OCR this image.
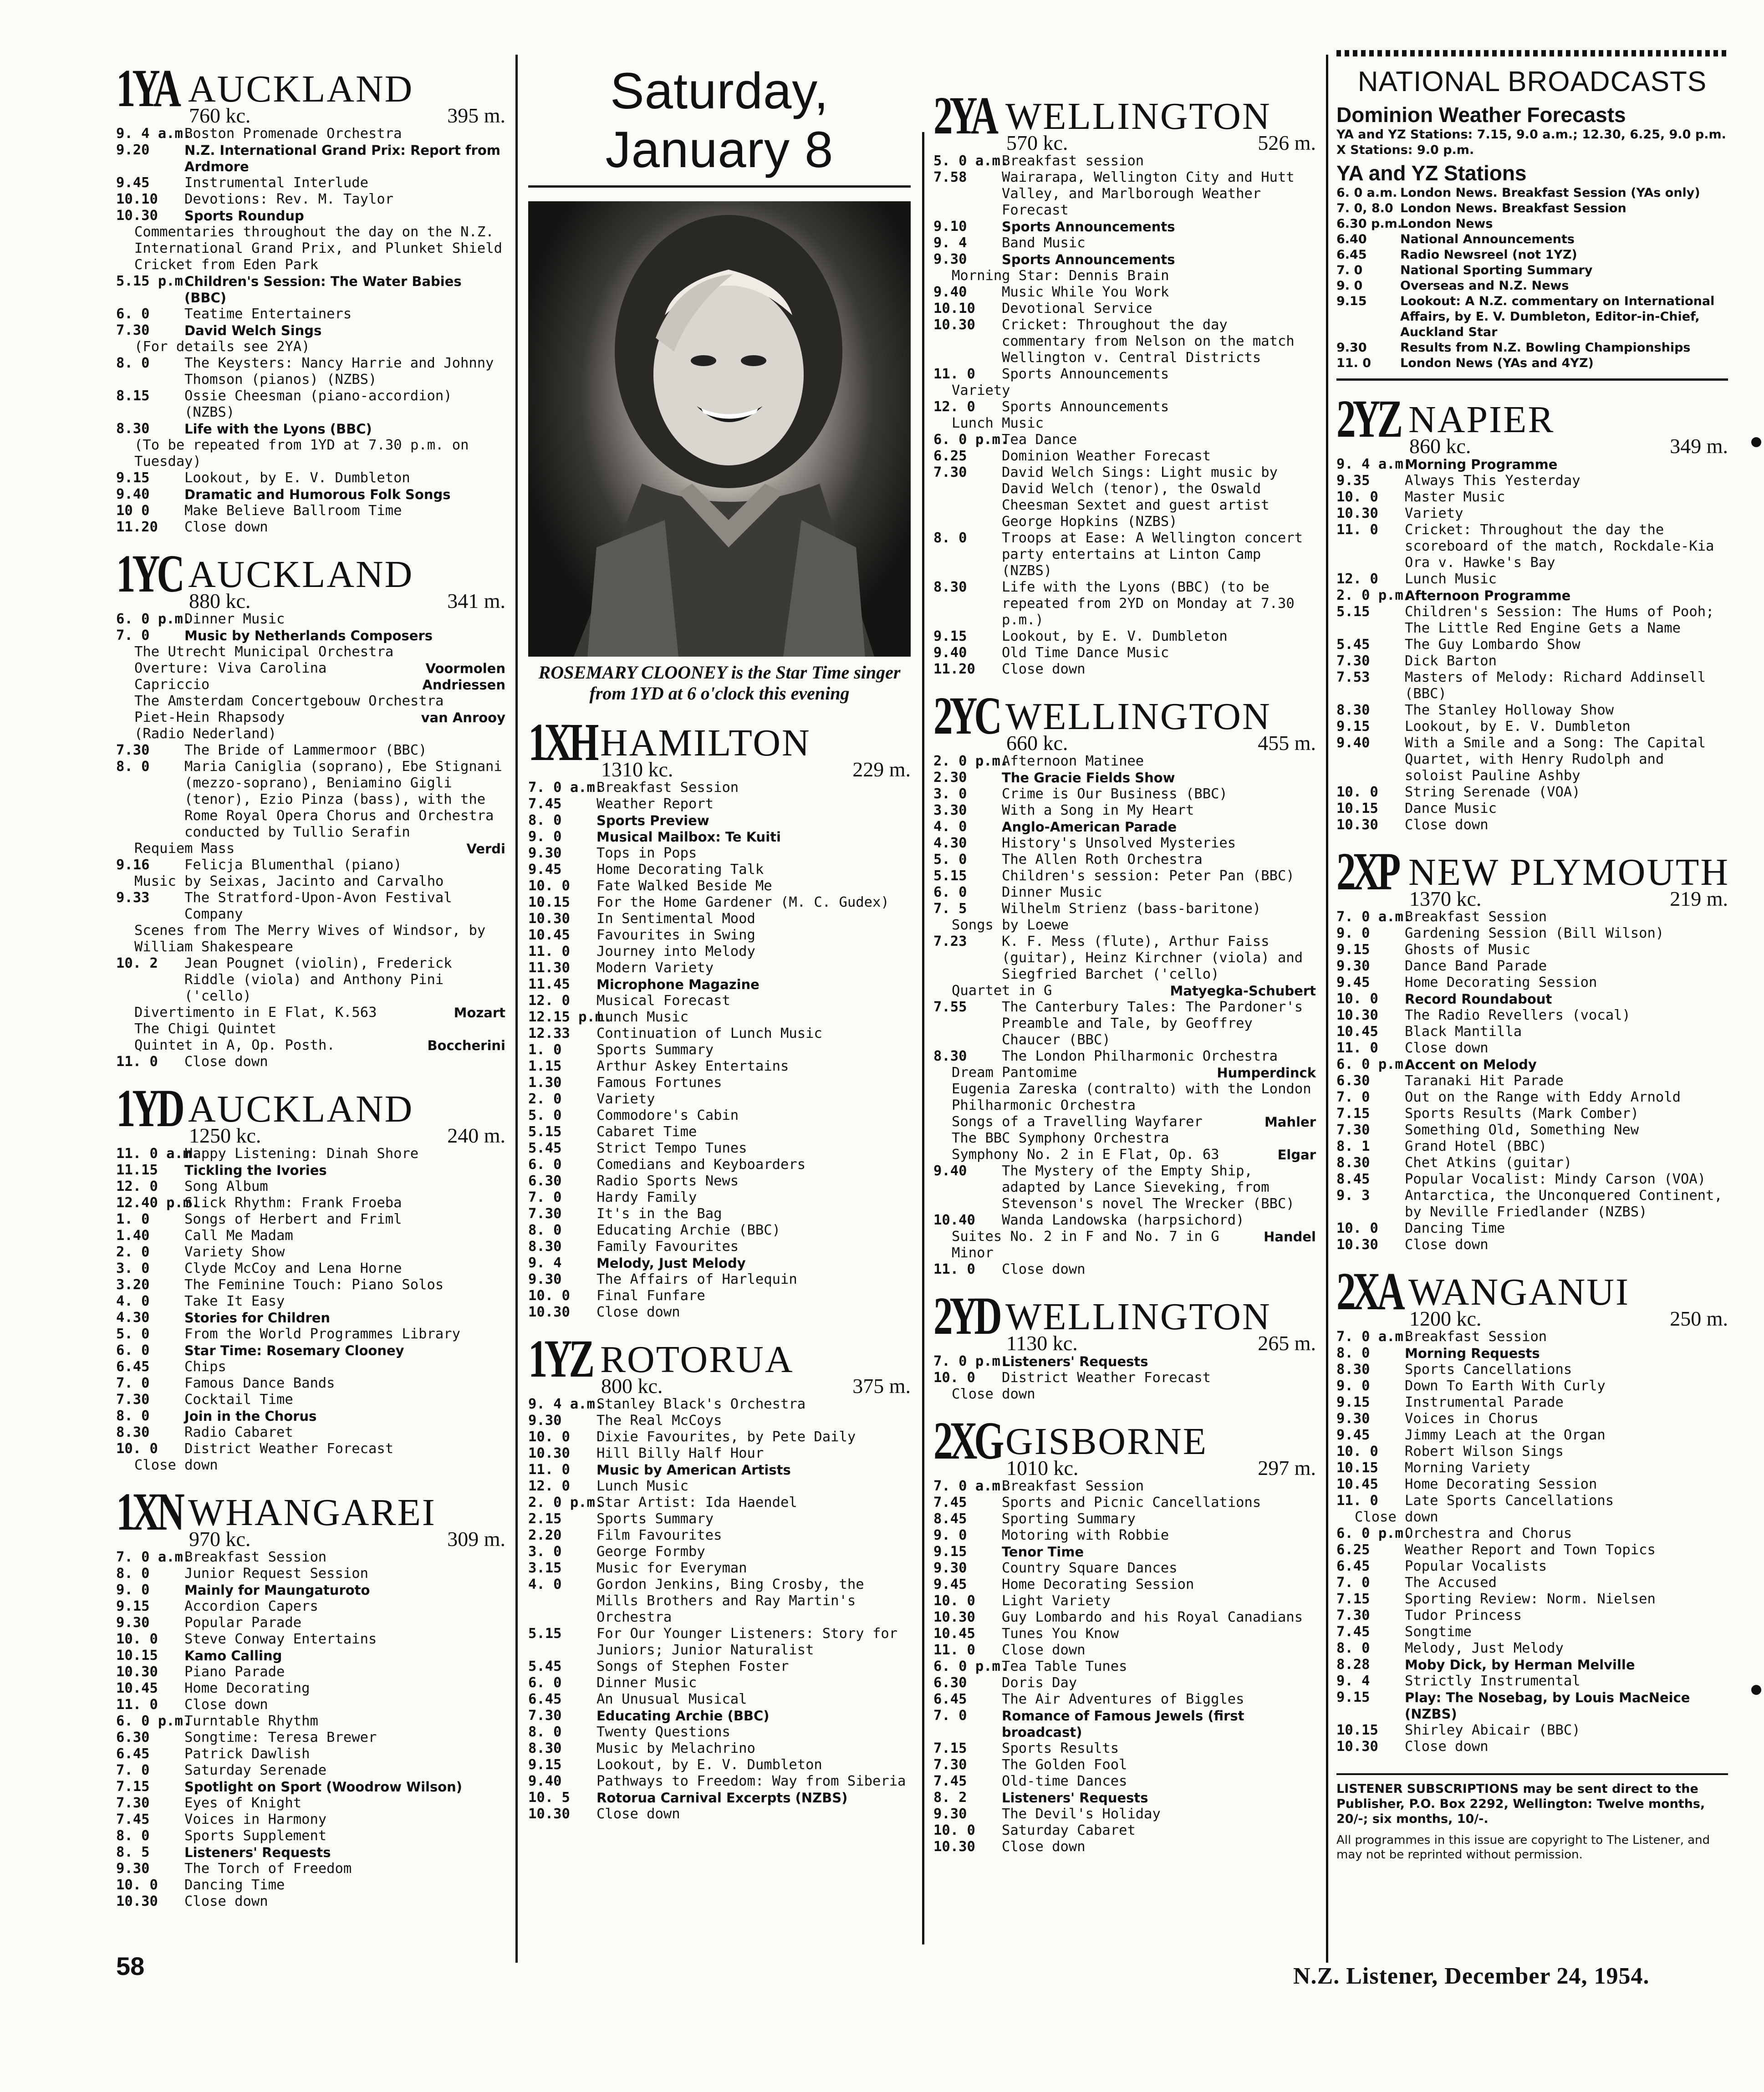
1YA AUCKLAND
760 kc.	395 m.
9. 4 a.m.
Boston Promenade Orchestra
9.20	N.Z. International Grand Prix: Report from Ardmore
9.45	Instrumental Interlude
10.10	Devotions: Rev. M. Taylor
10.30	Sports Roundup
Commentaries throughout the day on the N.Z. International Grand Prix, and Plunket Shield Cricket from Eden Park
5.15 p.m.
Children's Session: The Water Babies (BBC)
6. 0	Teatime Entertainers
7.30	David Welch Sings
(For details see 2YA)
8. 0	The Keysters: Nancy Harrie and Johnny Thomson (pianos) (NZBS)
8.15	Ossie Cheesman (piano-accordion) (NZBS)
8.30	Life with the Lyons (BBC)
(To be repeated from 1YD at 7.30 p.m. on Tuesday)
9.15	Lookout, by E. V. Dumbleton
9.40	Dramatic and Humorous Folk Songs
10 0	Make Believe Ballroom Time
11.20	Close down
1YC AUCKLAND
880 kc.	341 m.
6. 0 p.m.
Dinner Music
7. 0	Music by Netherlands Composers
The Utrecht Municipal Orchestra
Overture: Viva Carolina	Voormolen
Capriccio	Andriessen
The Amsterdam Concertgebouw Orchestra
Piet-Hein Rhapsody	van Anrooy
(Radio Nederland)
7.30	The Bride of Lammermoor (BBC)
8. 0	Maria Caniglia (soprano), Ebe Stignani (mezzo-soprano), Beniamino Gigli (tenor), Ezio Pinza (bass), with the Rome Royal Opera Chorus and Orchestra conducted by Tullio Serafin
Requiem Mass	Verdi
9.16	Felicja Blumenthal (piano)
Music by Seixas, Jacinto and Carvalho
9.33	The Stratford-Upon-Avon Festival Company
Scenes from The Merry Wives of Windsor, by William Shakespeare
10. 2	Jean Pougnet (violin), Frederick Riddle (viola) and Anthony Pini ('cello)
Divertimento in E Flat, K.563	Mozart
The Chigi Quintet
Quintet in A, Op. Posth.	Boccherini
11. 0	Close down
1YD AUCKLAND
1250 kc.	240 m.
11. 0 a.m.
Happy Listening: Dinah Shore
11.15	Tickling the Ivories
12. 0	Song Album
12.40 p.m.
Slick Rhythm: Frank Froeba
1. 0	Songs of Herbert and Friml
1.40	Call Me Madam
2. 0	Variety Show
3. 0	Clyde McCoy and Lena Horne
3.20	The Feminine Touch: Piano Solos
4. 0	Take It Easy
4.30	Stories for Children
5. 0	From the World Programmes Library
6. 0	Star Time: Rosemary Clooney
6.45	Chips
7. 0	Famous Dance Bands
7.30	Cocktail Time
8. 0	Join in the Chorus
8.30	Radio Cabaret
10. 0	District Weather Forecast
Close down
1XN WHANGAREI
970 kc.	309 m.
7. 0 a.m.
Breakfast Session
8. 0	Junior Request Session
9. 0	Mainly for Maungaturoto
9.15	Accordion Capers
9.30	Popular Parade
10. 0	Steve Conway Entertains
10.15	Kamo Calling
10.30	Piano Parade
10.45	Home Decorating
11. 0	Close down
6. 0 p.m.
Turntable Rhythm
6.30	Songtime: Teresa Brewer
6.45	Patrick Dawlish
7. 0	Saturday Serenade
7.15	Spotlight on Sport (Woodrow Wilson)
7.30	Eyes of Knight
7.45	Voices in Harmony
8. 0	Sports Supplement
8. 5	Listeners' Requests
9.30	The Torch of Freedom
10. 0	Dancing Time
10.30	Close down
Saturday, January 8
ROSEMARY CLOONEY is the Star Time singer from 1YD at 6 o'clock this evening
1XH HAMILTON
1310 kc.	229 m.
7. 0 a.m.
Breakfast Session
7.45	Weather Report
8. 0	Sports Preview
9. 0	Musical Mailbox: Te Kuiti
9.30	Tops in Pops
9.45	Home Decorating Talk
10. 0	Fate Walked Beside Me
10.15	For the Home Gardener (M. C. Gudex)
10.30	In Sentimental Mood
10.45	Favourites in Swing
11. 0	Journey into Melody
11.30	Modern Variety
11.45	Microphone Magazine
12. 0	Musical Forecast
12.15 p.m.
Lunch Music
12.33	Continuation of Lunch Music
1. 0	Sports Summary
1.15	Arthur Askey Entertains
1.30	Famous Fortunes
2. 0	Variety
5. 0	Commodore's Cabin
5.15	Cabaret Time
5.45	Strict Tempo Tunes
6. 0	Comedians and Keyboarders
6.30	Radio Sports News
7. 0	Hardy Family
7.30	It's in the Bag
8. 0	Educating Archie (BBC)
8.30	Family Favourites
9. 4	Melody, Just Melody
9.30	The Affairs of Harlequin
10. 0	Final Funfare
10.30	Close down
1YZ ROTORUA
800 kc.	375 m.
9. 4 a.m.
Stanley Black's Orchestra
9.30	The Real McCoys
10. 0	Dixie Favourites, by Pete Daily
10.30	Hill Billy Half Hour
11. 0	Music by American Artists
12. 0	Lunch Music
2. 0 p.m.
Star Artist: Ida Haendel
2.15	Sports Summary
2.20	Film Favourites
3. 0	George Formby
3.15	Music for Everyman
4. 0	Gordon Jenkins, Bing Crosby, the Mills Brothers and Ray Martin's Orchestra
5.15	For Our Younger Listeners: Story for Juniors; Junior Naturalist
5.45	Songs of Stephen Foster
6. 0	Dinner Music
6.45	An Unusual Musical
7.30	Educating Archie (BBC)
8. 0	Twenty Questions
8.30	Music by Melachrino
9.15	Lookout, by E. V. Dumbleton
9.40	Pathways to Freedom: Way from Siberia
10. 5	Rotorua Carnival Excerpts (NZBS)
10.30	Close down
2YA WELLINGTON
570 kc.	526 m.
5. 0 a.m.
Breakfast session
7.58	Wairarapa, Wellington City and Hutt Valley, and Marlborough Weather Forecast
9.10	Sports Announcements
9. 4	Band Music
9.30	Sports Announcements
Morning Star: Dennis Brain
9.40	Music While You Work
10.10	Devotional Service
10.30	Cricket: Throughout the day commentary from Nelson on the match Wellington v. Central Districts
11. 0	Sports Announcements
Variety
12. 0	Sports Announcements
Lunch Music
6. 0 p.m.
Tea Dance
6.25	Dominion Weather Forecast
7.30	David Welch Sings: Light music by David Welch (tenor), the Oswald Cheesman Sextet and guest artist George Hopkins (NZBS)
8. 0	Troops at Ease: A Wellington concert party entertains at Linton Camp (NZBS)
8.30	Life with the Lyons (BBC) (to be repeated from 2YD on Monday at 7.30 p.m.)
9.15	Lookout, by E. V. Dumbleton
9.40	Old Time Dance Music
11.20	Close down
2YC WELLINGTON
660 kc.	455 m.
2. 0 p.m.
Afternoon Matinee
2.30	The Gracie Fields Show
3. 0	Crime is Our Business (BBC)
3.30	With a Song in My Heart
4. 0	Anglo-American Parade
4.30	History's Unsolved Mysteries
5. 0	The Allen Roth Orchestra
5.15	Children's session: Peter Pan (BBC)
6. 0	Dinner Music
7. 5	Wilhelm Strienz (bass-baritone)
Songs by Loewe
7.23	K. F. Mess (flute), Arthur Faiss (guitar), Heinz Kirchner (viola) and Siegfried Barchet ('cello)
Quartet in G	Matyegka-Schubert
7.55	The Canterbury Tales: The Pardoner's Preamble and Tale, by Geoffrey Chaucer (BBC)
8.30	The London Philharmonic Orchestra
Dream Pantomime	Humperdinck
Eugenia Zareska (contralto) with the London Philharmonic Orchestra
Songs of a Travelling Wayfarer	Mahler
The BBC Symphony Orchestra
Symphony No. 2 in E Flat, Op. 63	Elgar
9.40	The Mystery of the Empty Ship, adapted by Lance Sieveking, from Stevenson's novel The Wrecker (BBC)
10.40	Wanda Landowska (harpsichord)
Suites No. 2 in F and No. 7 in G Minor
Handel
11. 0	Close down
2YD WELLINGTON
1130 kc.	265 m.
7. 0 p.m.
Listeners' Requests
10. 0	District Weather Forecast
Close down
2XG GISBORNE
1010 kc.	297 m.
7. 0 a.m.
Breakfast Session
7.45	Sports and Picnic Cancellations
8.45	Sporting Summary
9. 0	Motoring with Robbie
9.15	Tenor Time
9.30	Country Square Dances
9.45	Home Decorating Session
10. 0	Light Variety
10.30	Guy Lombardo and his Royal Canadians
10.45	Tunes You Know
11. 0	Close down
6. 0 p.m.
Tea Table Tunes
6.30	Doris Day
6.45	The Air Adventures of Biggles
7. 0	Romance of Famous Jewels (first broadcast)
7.15	Sports Results
7.30	The Golden Fool
7.45	Old-time Dances
8. 2	Listeners' Requests
9.30	The Devil's Holiday
10. 0	Saturday Cabaret
10.30	Close down
NATIONAL BROADCASTS
Dominion Weather Forecasts
YA and YZ Stations: 7.15, 9.0 a.m.; 12.30, 6.25, 9.0 p.m.
X Stations: 9.0 p.m.
YA and YZ Stations
6. 0 a.m. London News. Breakfast Session (YAs only)
7. 0, 8.0 London News. Breakfast Session
6.30 p.m.
London News
6.40	National Announcements
6.45	Radio Newsreel (not 1YZ)
7. 0	National Sporting Summary
9. 0	Overseas and N.Z. News
9.15	Lookout: A N.Z. commentary on International Affairs, by E. V. Dumbleton, Editor-in-Chief, Auckland Star
9.30	Results from N.Z. Bowling Championships
11. 0	London News (YAs and 4YZ)
2YZ NAPIER
860 kc.	349 m.
9. 4 a.m.
Morning Programme
9.35	Always This Yesterday
10. 0	Master Music
10.30	Variety
11. 0	Cricket: Throughout the day the scoreboard of the match, Rockdale-Kia Ora v. Hawke's Bay
12. 0	Lunch Music
2. 0 p.m.
Afternoon Programme
5.15	Children's Session: The Hums of Pooh; The Little Red Engine Gets a Name
5.45	The Guy Lombardo Show
7.30	Dick Barton
7.53	Masters of Melody: Richard Addinsell (BBC)
8.30	The Stanley Holloway Show
9.15	Lookout, by E. V. Dumbleton
9.40	With a Smile and a Song: The Capital Quartet, with Henry Rudolph and soloist Pauline Ashby
10. 0	String Serenade (VOA)
10.15	Dance Music
10.30	Close down
2XP NEW PLYMOUTH
1370 kc.	219 m.
7. 0 a.m.
Breakfast Session
9. 0	Gardening Session (Bill Wilson)
9.15	Ghosts of Music
9.30	Dance Band Parade
9.45	Home Decorating Session
10. 0	Record Roundabout
10.30	The Radio Revellers (vocal)
10.45	Black Mantilla
11. 0	Close down
6. 0 p.m.
Accent on Melody
6.30	Taranaki Hit Parade
7. 0	Out on the Range with Eddy Arnold
7.15	Sports Results (Mark Comber)
7.30	Something Old, Something New
8. 1	Grand Hotel (BBC)
8.30	Chet Atkins (guitar)
8.45	Popular Vocalist: Mindy Carson (VOA)
9. 3	Antarctica, the Unconquered Continent, by Neville Friedlander (NZBS)
10. 0	Dancing Time
10.30	Close down
2XA WANGANUI
1200 kc.	250 m.
7. 0 a.m.
Breakfast Session
8. 0	Morning Requests
8.30	Sports Cancellations
9. 0	Down To Earth With Curly
9.15	Instrumental Parade
9.30	Voices in Chorus
9.45	Jimmy Leach at the Organ
10. 0	Robert Wilson Sings
10.15	Morning Variety
10.45	Home Decorating Session
11. 0	Late Sports Cancellations
Close down
6. 0 p.m.
Orchestra and Chorus
6.25	Weather Report and Town Topics
6.45	Popular Vocalists
7. 0	The Accused
7.15	Sporting Review: Norm. Nielsen
7.30	Tudor Princess
7.45	Songtime
8. 0	Melody, Just Melody
8.28	Moby Dick, by Herman Melville
9. 4	Strictly Instrumental
9.15	Play: The Nosebag, by Louis MacNeice (NZBS)
10.15	Shirley Abicair (BBC)
10.30	Close down
LISTENER SUBSCRIPTIONS may be sent direct to the Publisher, P.O. Box 2292, Wellington: Twelve months, 20/-; six months, 10/-.
All programmes in this issue are copyright to The Listener, and may not be reprinted without permission.
58	N.Z. Listener, December 24, 1954.
